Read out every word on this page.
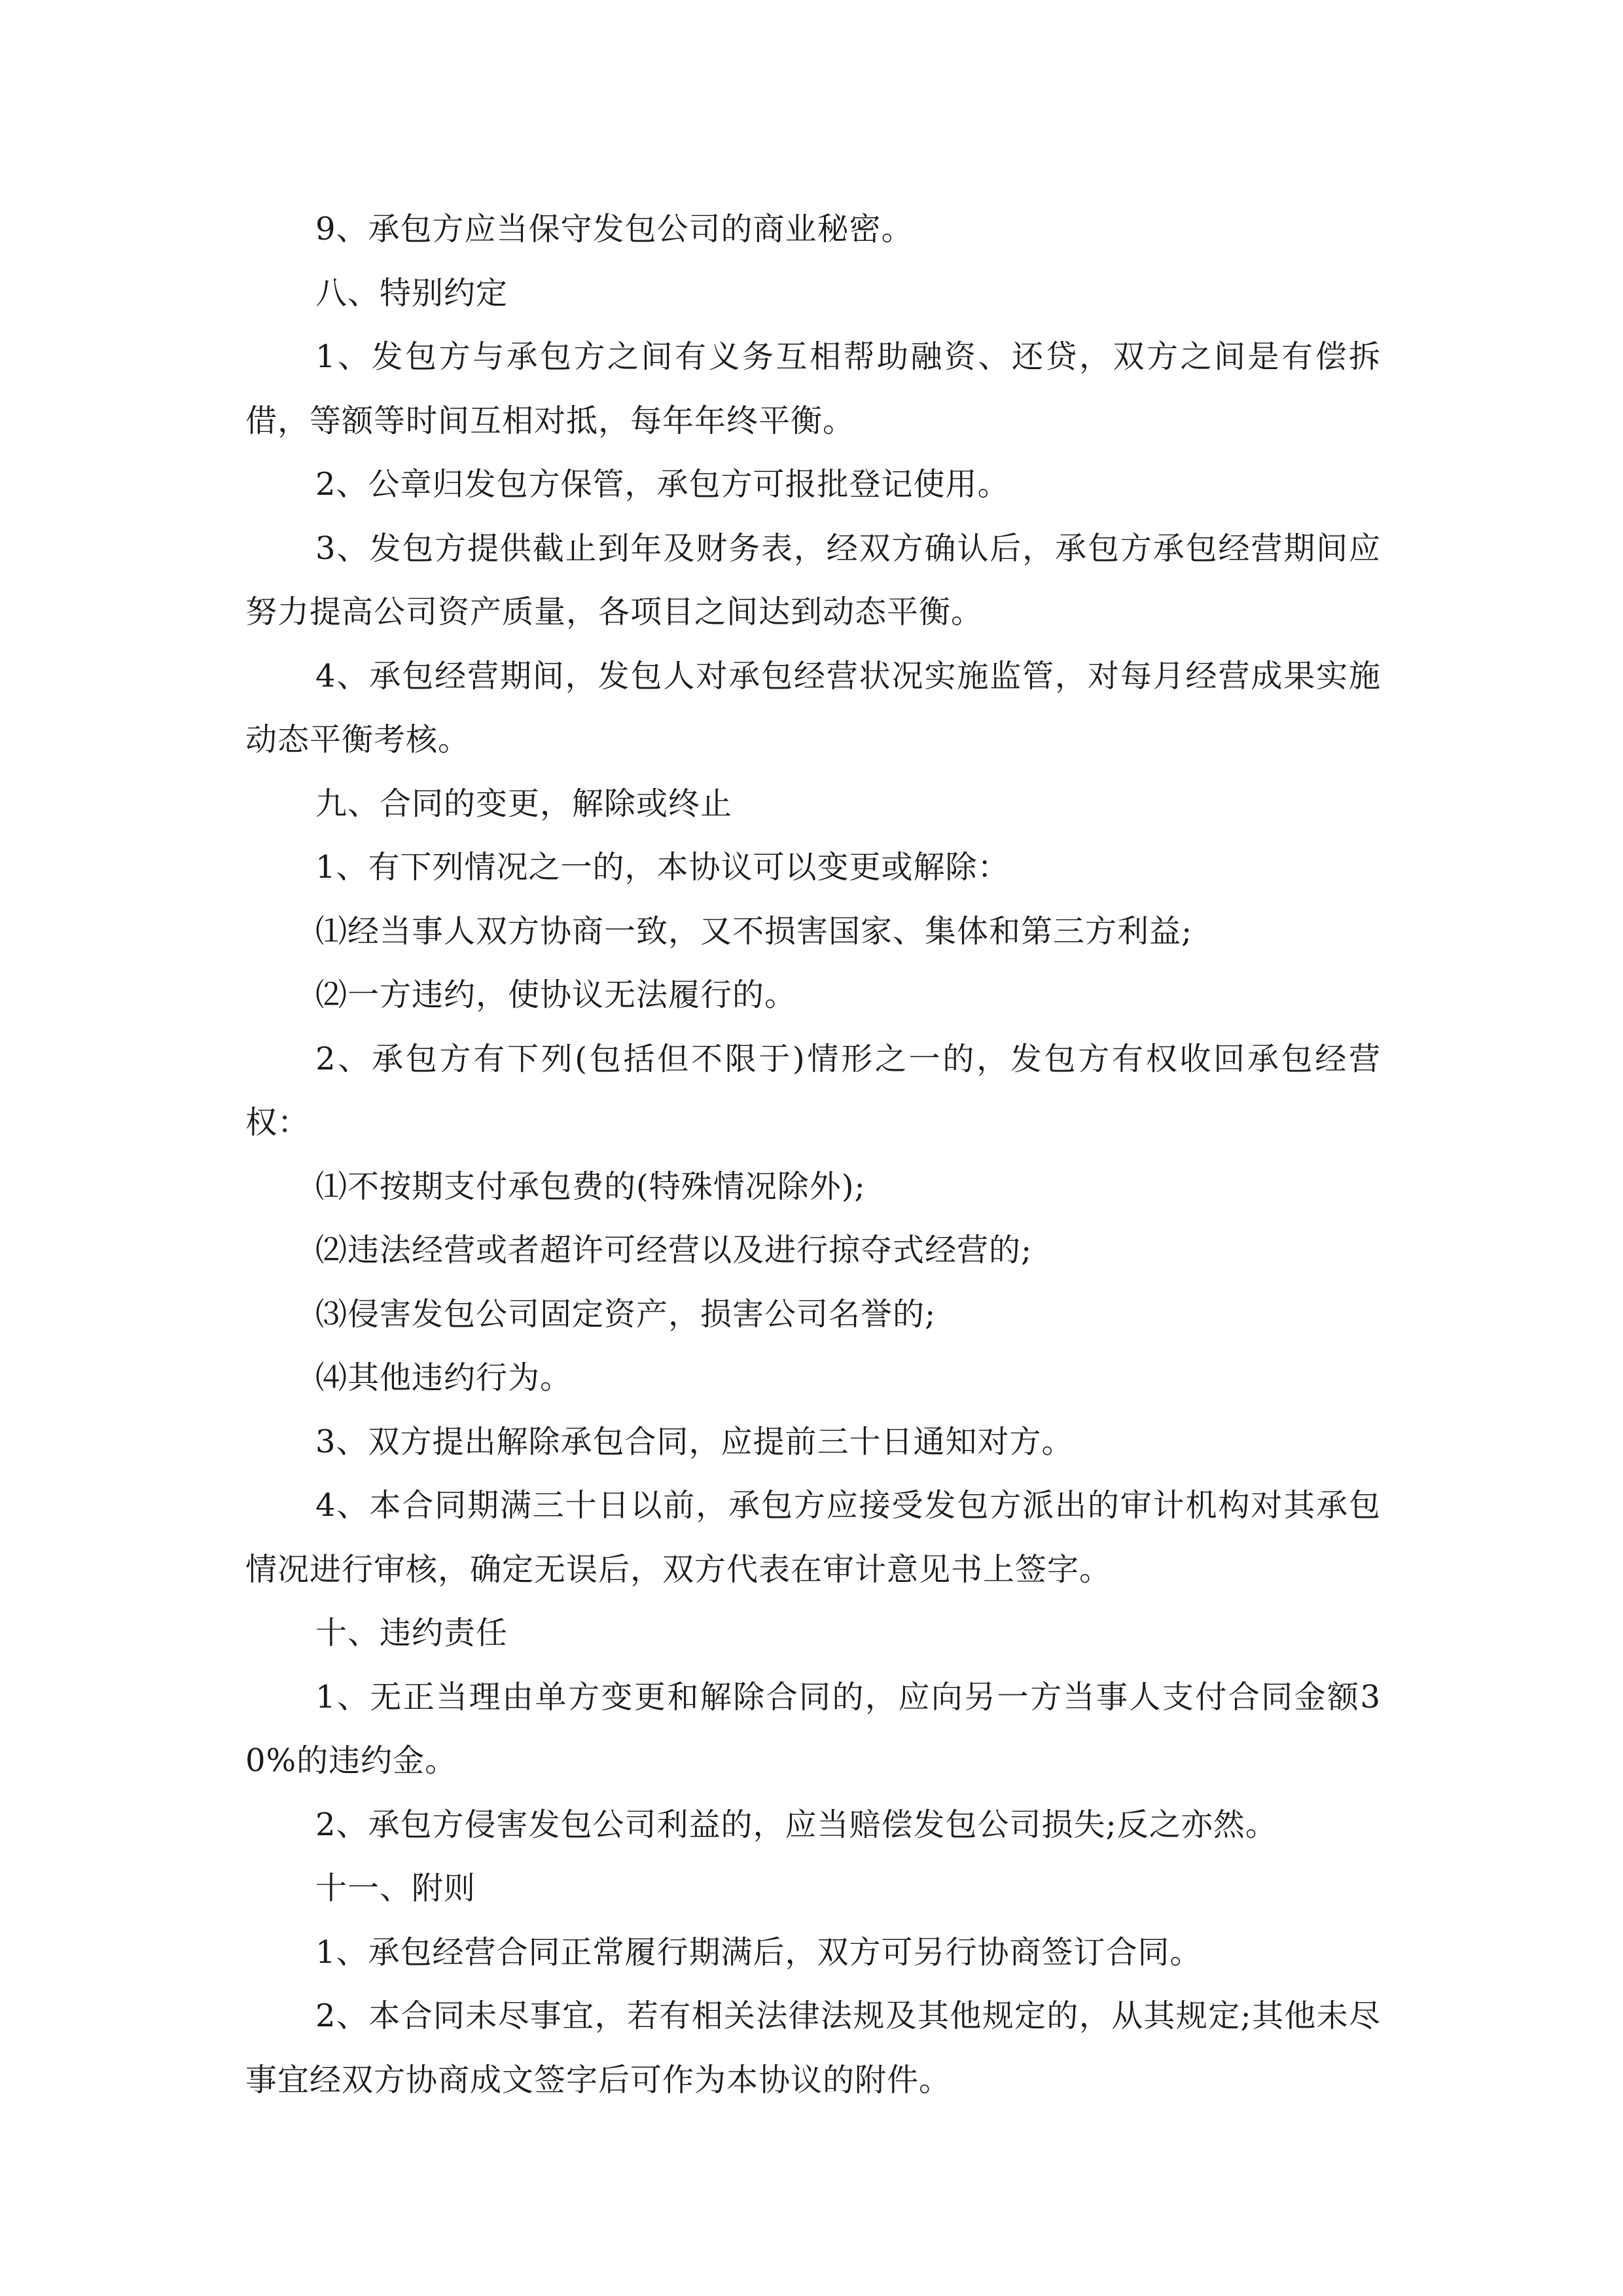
9、承包方应当保守发包公司的商业秘密。

八、特别约定

1、发包方与承包方之间有义务互相帮助融资、还贷，双方之间是有偿拆借，等额等时间互相对抵，每年年终平衡。

2、公章归发包方保管，承包方可报批登记使用。

3、发包方提供截止到年及财务表，经双方确认后，承包方承包经营期间应努力提高公司资产质量，各项目之间达到动态平衡。

4、承包经营期间，发包人对承包经营状况实施监管，对每月经营成果实施动态平衡考核。

九、合同的变更，解除或终止

1、有下列情况之一的，本协议可以变更或解除：

⑴经当事人双方协商一致，又不损害国家、集体和第三方利益;

⑵一方违约，使协议无法履行的。

2、承包方有下列(包括但不限于)情形之一的，发包方有权收回承包经营权：

⑴不按期支付承包费的(特殊情况除外);

⑵违法经营或者超许可经营以及进行掠夺式经营的;

⑶侵害发包公司固定资产，损害公司名誉的;

⑷其他违约行为。

3、双方提出解除承包合同，应提前三十日通知对方。

4、本合同期满三十日以前，承包方应接受发包方派出的审计机构对其承包情况进行审核，确定无误后，双方代表在审计意见书上签字。

十、违约责任

1、无正当理由单方变更和解除合同的，应向另一方当事人支付合同金额30%的违约金。

2、承包方侵害发包公司利益的，应当赔偿发包公司损失;反之亦然。

十一、附则

1、承包经营合同正常履行期满后，双方可另行协商签订合同。

2、本合同未尽事宜，若有相关法律法规及其他规定的，从其规定;其他未尽事宜经双方协商成文签字后可作为本协议的附件。
